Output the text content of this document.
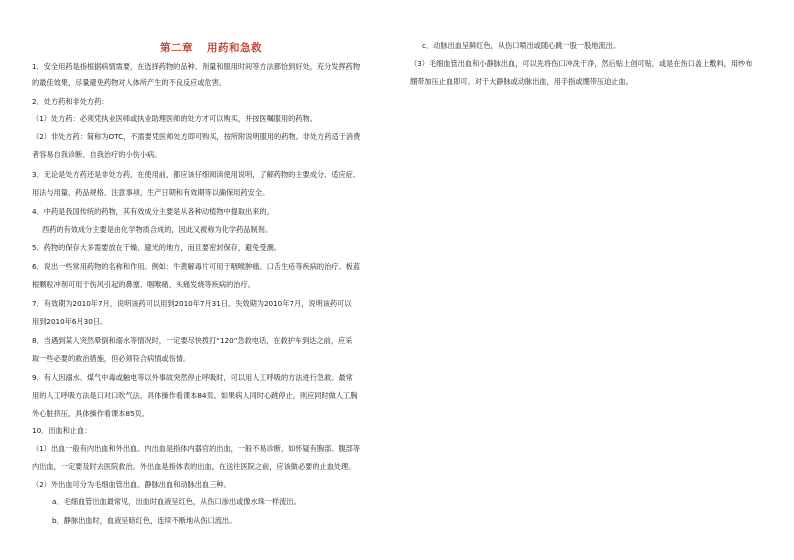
第二章 用药和急救
1．安全用药是指根据病情需要，在选择药物的品种、剂量和服用时间等方法都恰到好处，充分发挥药物
的最佳效果，尽量避免药物对人体所产生的不良反应或危害。
2．处方药和非处方药：
（1）处方药：必须凭执业医师或执业助理医师的处方才可以购买，并按医嘱服用的药物。
（2）非处方药：简称为OTC，不需要凭医师处方即可购买，按所附说明服用的药物。非处方药适于消费
者容易自我诊断、自我治疗的小伤小病。
3．无论是处方药还是非处方药，在使用前，都应该仔细阅读使用说明，了解药物的主要成分、适应症、
用法与用量、药品规格、注意事项、生产日期和有效期等以确保用药安全。
4．中药是我国传统的药物，其有效成分主要是从各种动植物中提取出来的。
西药的有效成分主要是由化学物质合成的，因此又被称为化学药品制剂。
5．药物的保存大多需要放在干燥、避光的地方，而且要密封保存，避免受潮。
6．说出一些常用药物的名称和作用。例如：牛黄解毒片可用于咽喉肿痛、口舌生疮等疾病的治疗。板蓝
根颗粒冲剂可用于伤风引起的鼻塞、咽喉痛、头痛发烧等疾病的治疗。
7．有效期为2010年7月，说明该药可以用到2010年7月31日。失效期为2010年7月，说明该药可以
用到2010年6月30日。
8．当遇到某人突然晕倒和溺水等情况时，一定要尽快拨打“120”急救电话，在救护车到达之前，应采
取一些必要的救治措施，但必须符合病情或伤情。
9．有人因溺水、煤气中毒或触电等以外事故突然停止呼吸时，可以用人工呼吸的方法进行急救。最常
用的人工呼吸方法是口对口吹气法，具体操作看课本84页。如果病人同时心跳停止，则应同时做人工胸
外心脏挤压，具体操作看课本85页。
10．出血和止血：
（1）出血一般有内出血和外出血。内出血是指体内器官的出血，一般不易诊断，如怀疑有胸部、腹部等
内出血，一定要及时去医院救治。外出血是指体表的出血，在送往医院之前，应该做必要的止血处理。
（2）外出血可分为毛细血管出血、静脉出血和动脉出血三种。
a．毛细血管出血最常见，出血时血液呈红色，从伤口渗出或像水珠一样流出。
b．静脉出血时，血液呈暗红色，连续不断地从伤口流出。
c．动脉出血呈鲜红色，从伤口喷出或随心跳一股一股地流出。
（3）毛细血管出血和小静脉出血，可以先将伤口冲洗干净，然后贴上创可贴，或是在伤口盖上敷料，用纱布
绷带加压止血即可。对于大静脉或动脉出血，用手指或绷带压迫止血。
